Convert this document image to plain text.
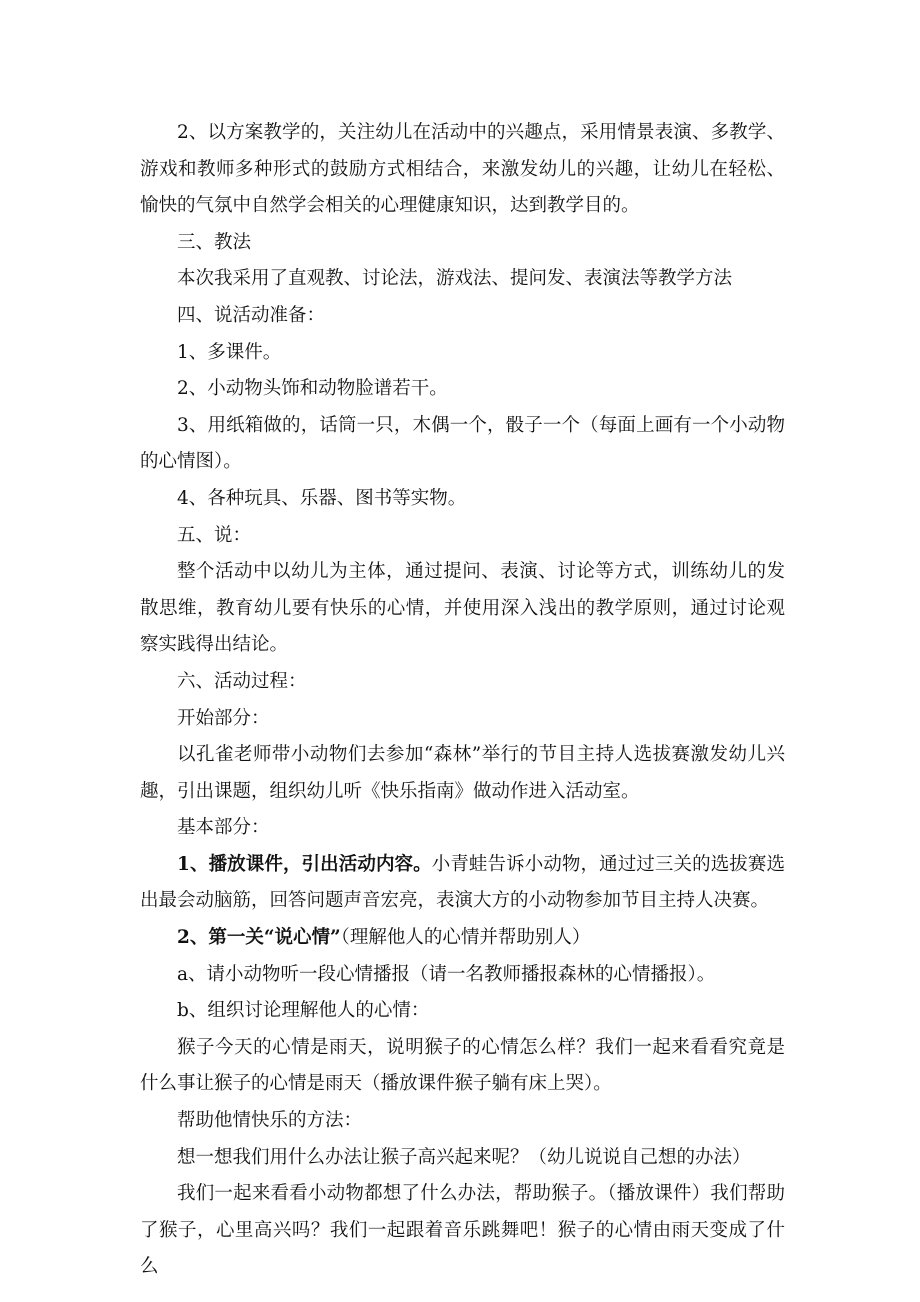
2、以方案教学的，关注幼儿在活动中的兴趣点，采用情景表演、多教学、游戏和教师多种形式的鼓励方式相结合，来激发幼儿的兴趣，让幼儿在轻松、愉快的气氛中自然学会相关的心理健康知识，达到教学目的。

三、教法

本次我采用了直观教、讨论法，游戏法、提问发、表演法等教学方法

四、说活动准备：

1、多课件。

2、小动物头饰和动物脸谱若干。

3、用纸箱做的，话筒一只，木偶一个，骰子一个（每面上画有一个小动物的心情图）。

4、各种玩具、乐器、图书等实物。

五、说：

整个活动中以幼儿为主体，通过提问、表演、讨论等方式，训练幼儿的发散思维，教育幼儿要有快乐的心情，并使用深入浅出的教学原则，通过讨论观察实践得出结论。

六、活动过程：

开始部分：

以孔雀老师带小动物们去参加“森林”举行的节目主持人选拔赛激发幼儿兴趣，引出课题，组织幼儿听《快乐指南》做动作进入活动室。

基本部分：

1、播放课件，引出活动内容。小青蛙告诉小动物，通过过三关的选拔赛选出最会动脑筋，回答问题声音宏亮，表演大方的小动物参加节目主持人决赛。

2、第一关“说心情”（理解他人的心情并帮助别人）

a、请小动物听一段心情播报（请一名教师播报森林的心情播报）。

b、组织讨论理解他人的心情：

猴子今天的心情是雨天，说明猴子的心情怎么样？我们一起来看看究竟是什么事让猴子的心情是雨天（播放课件猴子躺有床上哭）。

帮助他情快乐的方法：

想一想我们用什么办法让猴子高兴起来呢？（幼儿说说自己想的办法）

我们一起来看看小动物都想了什么办法，帮助猴子。（播放课件）我们帮助了猴子，心里高兴吗？我们一起跟着音乐跳舞吧！猴子的心情由雨天变成了什么
